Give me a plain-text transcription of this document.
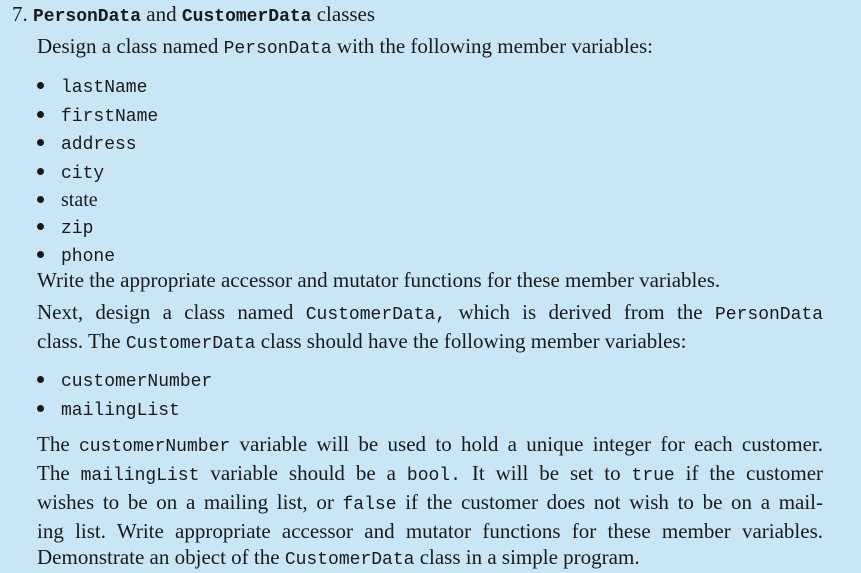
7. PersonData and CustomerData classes
Design a class named PersonData with the following member variables:
lastName
firstName
address
city
state
zip
phone
Write the appropriate accessor and mutator functions for these member variables.
Next, design a class named CustomerData, which is derived from the PersonData
class. The CustomerData class should have the following member variables:
customerNumber
mailingList
The customerNumber variable will be used to hold a unique integer for each customer.
The mailingList variable should be a bool. It will be set to true if the customer
wishes to be on a mailing list, or false if the customer does not wish to be on a mail-
ing list. Write appropriate accessor and mutator functions for these member variables.
Demonstrate an object of the CustomerData class in a simple program.
